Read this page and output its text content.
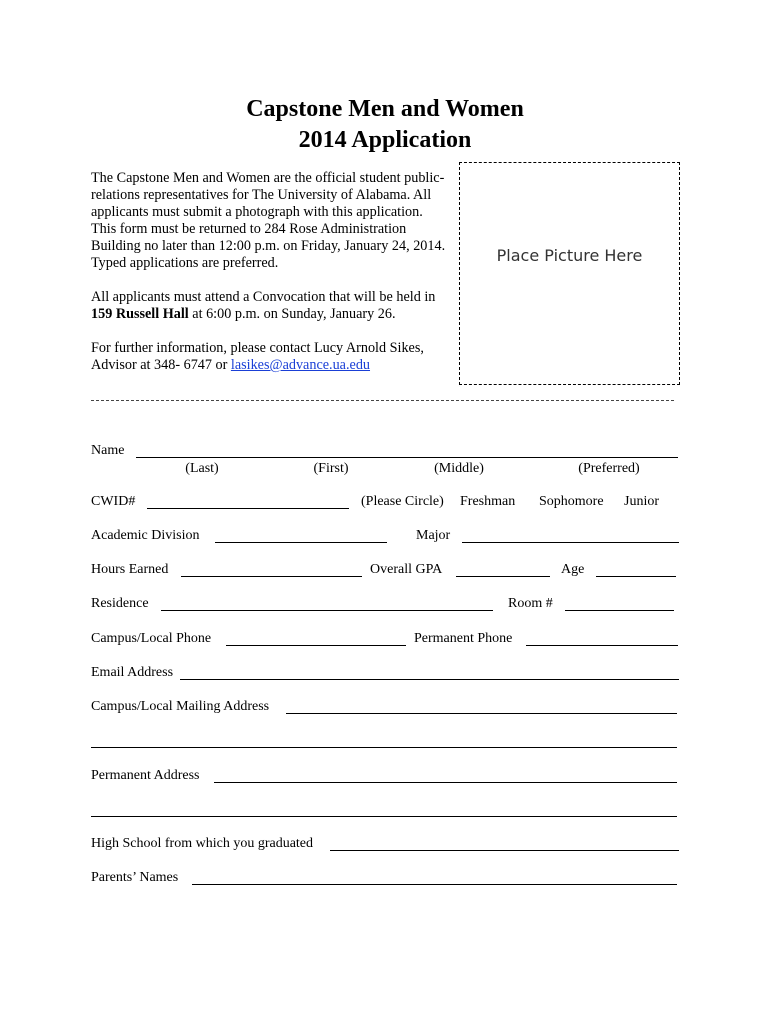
Capstone Men and Women
2014 Application

The Capstone Men and Women are the official student public-relations representatives for The University of Alabama. All applicants must submit a photograph with this application. This form must be returned to 284 Rose Administration Building no later than 12:00 p.m. on Friday, January 24, 2014. Typed applications are preferred.

All applicants must attend a Convocation that will be held in 159 Russell Hall at 6:00 p.m. on Sunday, January 26.

For further information, please contact Lucy Arnold Sikes, Advisor at 348- 6747 or lasikes@advance.ua.edu

Place Picture Here
Name
(Last)	(First)	(Middle)	(Preferred)
CWID#	(Please Circle) Freshman Sophomore Junior
Academic Division	Major
Hours Earned	Overall GPA	Age
Residence	Room #
Campus/Local Phone	Permanent Phone
Email Address
Campus/Local Mailing Address
Permanent Address
High School from which you graduated
Parents’ Names
